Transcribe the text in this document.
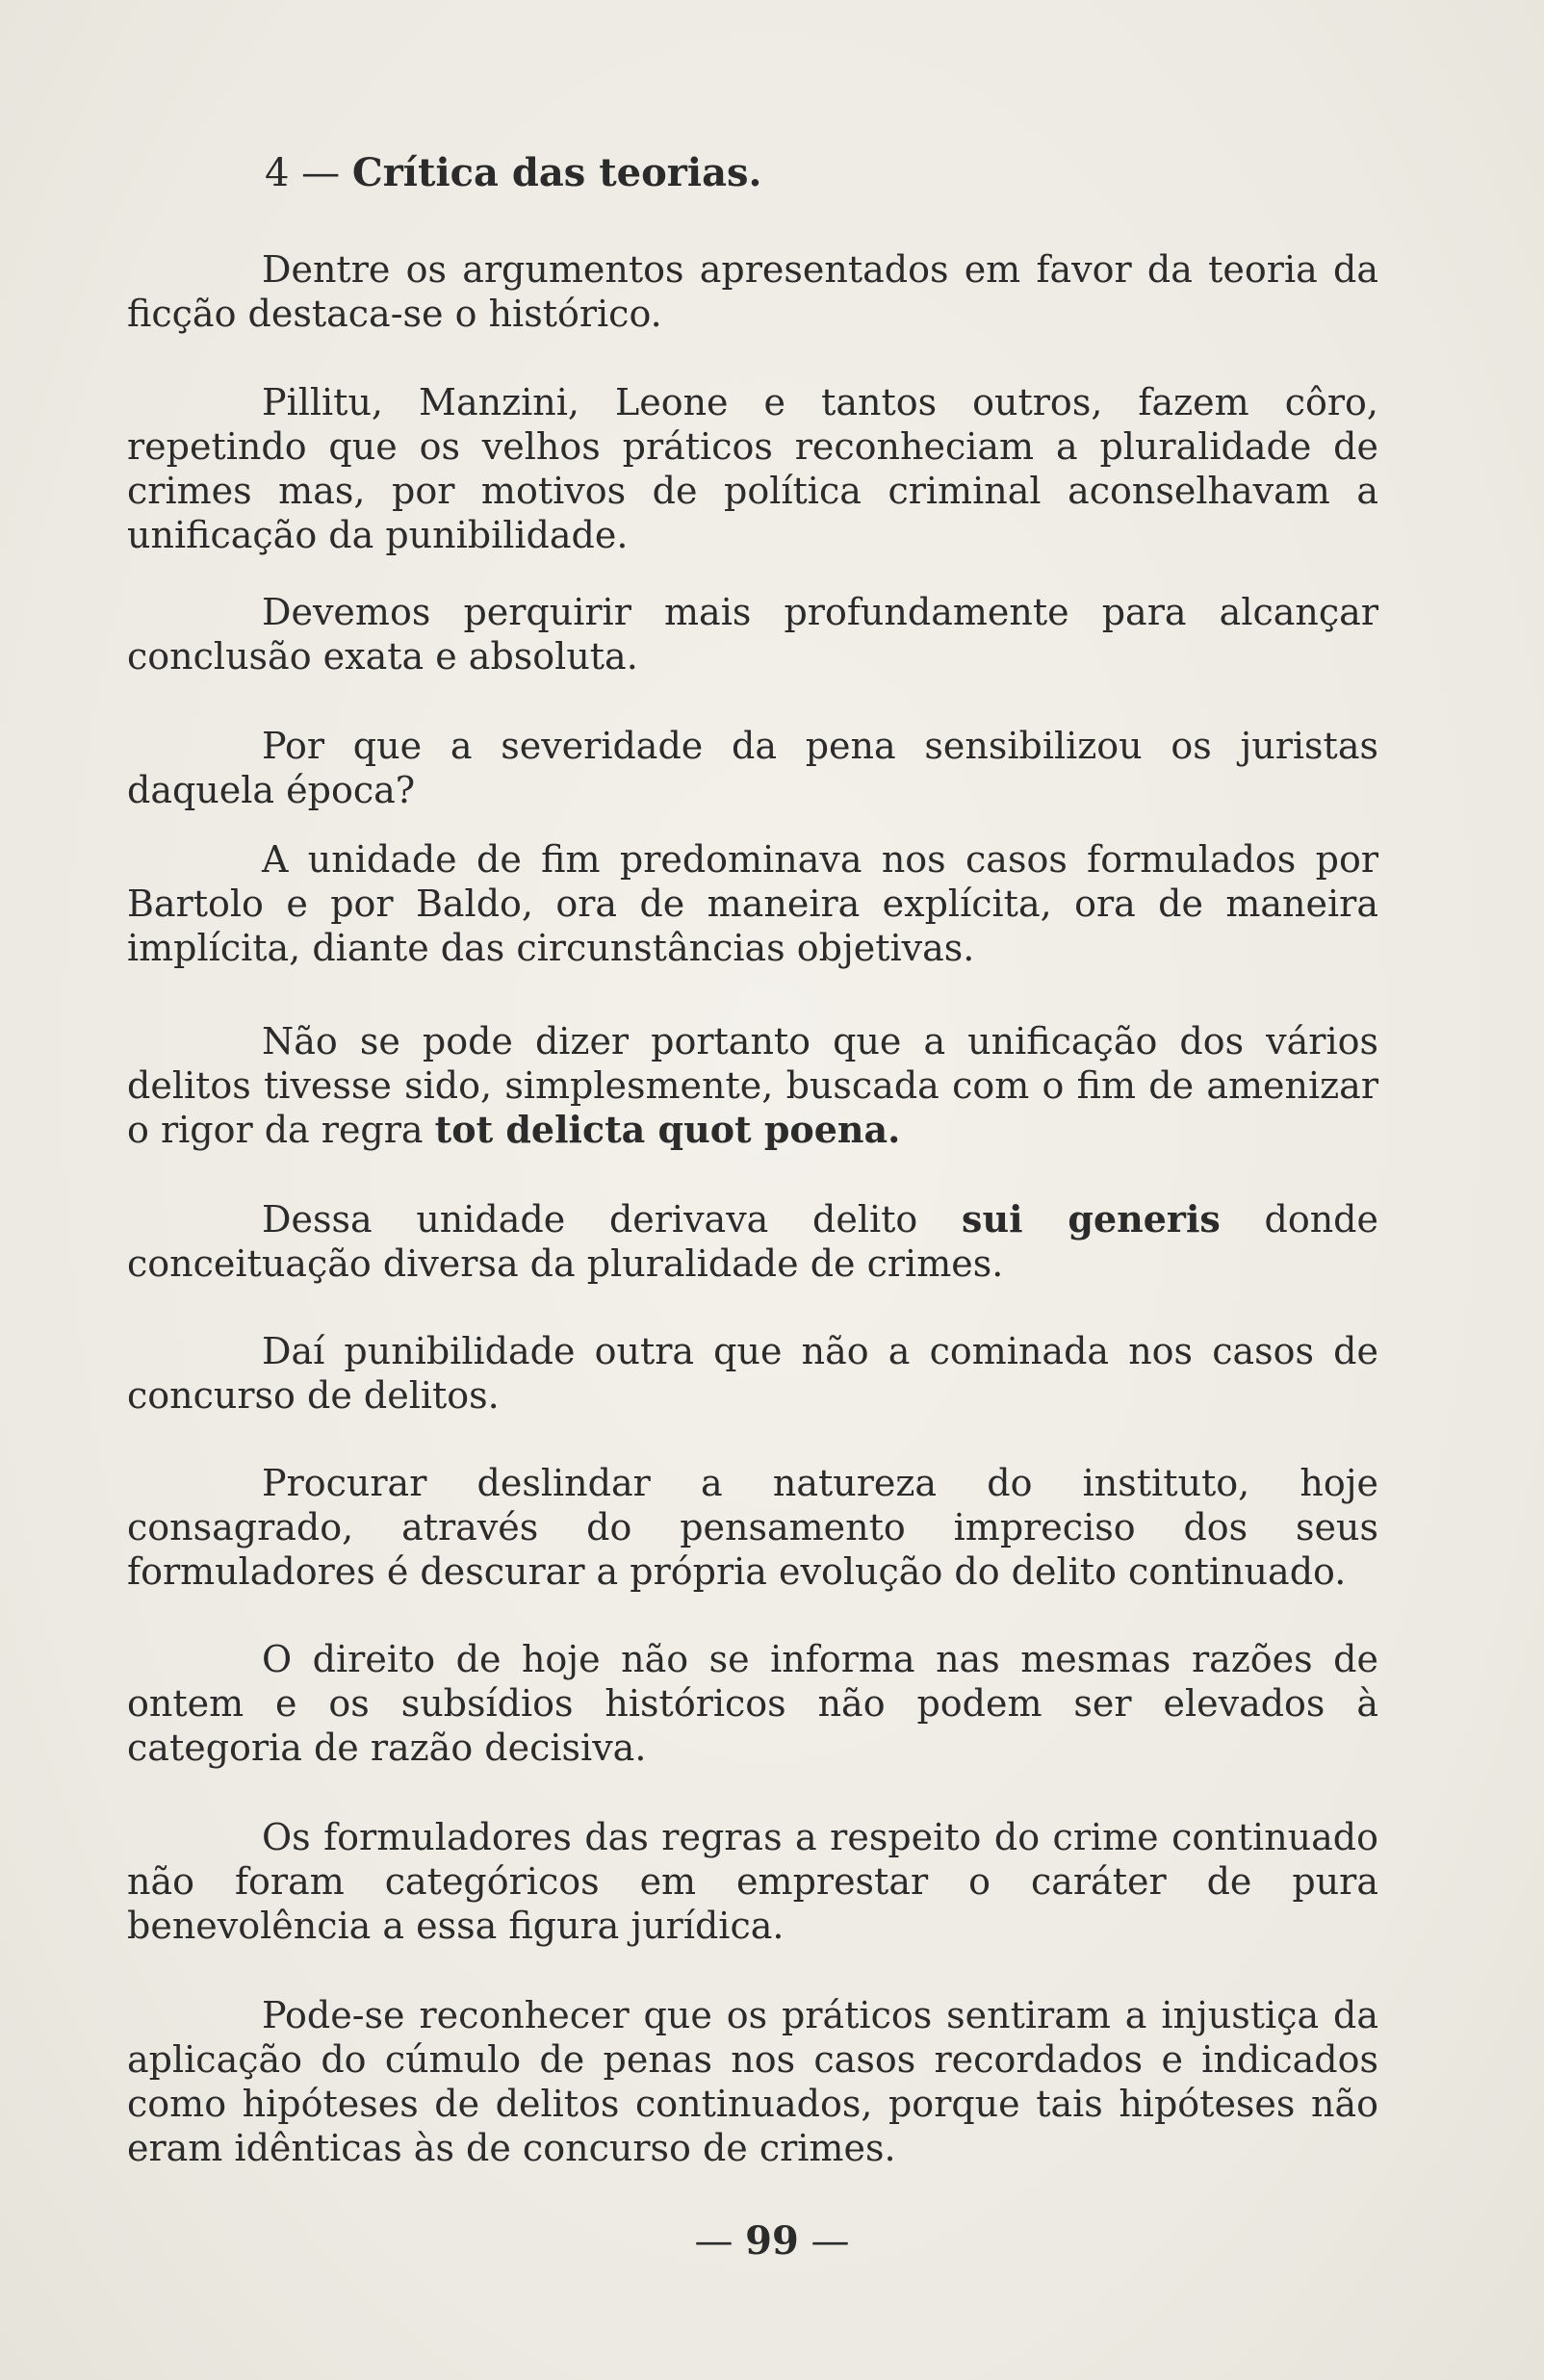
4 — Crítica das teorias.

Dentre os argumentos apresentados em favor da teoria da ficção destaca-se o histórico.

Pillitu, Manzini, Leone e tantos outros, fazem côro, repetindo que os velhos práticos reconheciam a pluralidade de crimes mas, por motivos de política criminal aconselhavam a unificação da punibilidade.

Devemos perquirir mais profundamente para alcançar conclusão exata e absoluta.

Por que a severidade da pena sensibilizou os juristas daquela época?

A unidade de fim predominava nos casos formulados por Bartolo e por Baldo, ora de maneira explícita, ora de maneira implícita, diante das circunstâncias objetivas.

Não se pode dizer portanto que a unificação dos vários delitos tivesse sido, simplesmente, buscada com o fim de amenizar o rigor da regra tot delicta quot poena.

Dessa unidade derivava delito sui generis donde conceituação diversa da pluralidade de crimes.

Daí punibilidade outra que não a cominada nos casos de concurso de delitos.

Procurar deslindar a natureza do instituto, hoje consagrado, através do pensamento impreciso dos seus formuladores é descurar a própria evolução do delito continuado.

O direito de hoje não se informa nas mesmas razões de ontem e os subsídios históricos não podem ser elevados à categoria de razão decisiva.

Os formuladores das regras a respeito do crime continuado não foram categóricos em emprestar o caráter de pura benevolência a essa figura jurídica.

Pode-se reconhecer que os práticos sentiram a injustiça da aplicação do cúmulo de penas nos casos recordados e indicados como hipóteses de delitos continuados, porque tais hipóteses não eram idênticas às de concurso de crimes.

— 99 —
